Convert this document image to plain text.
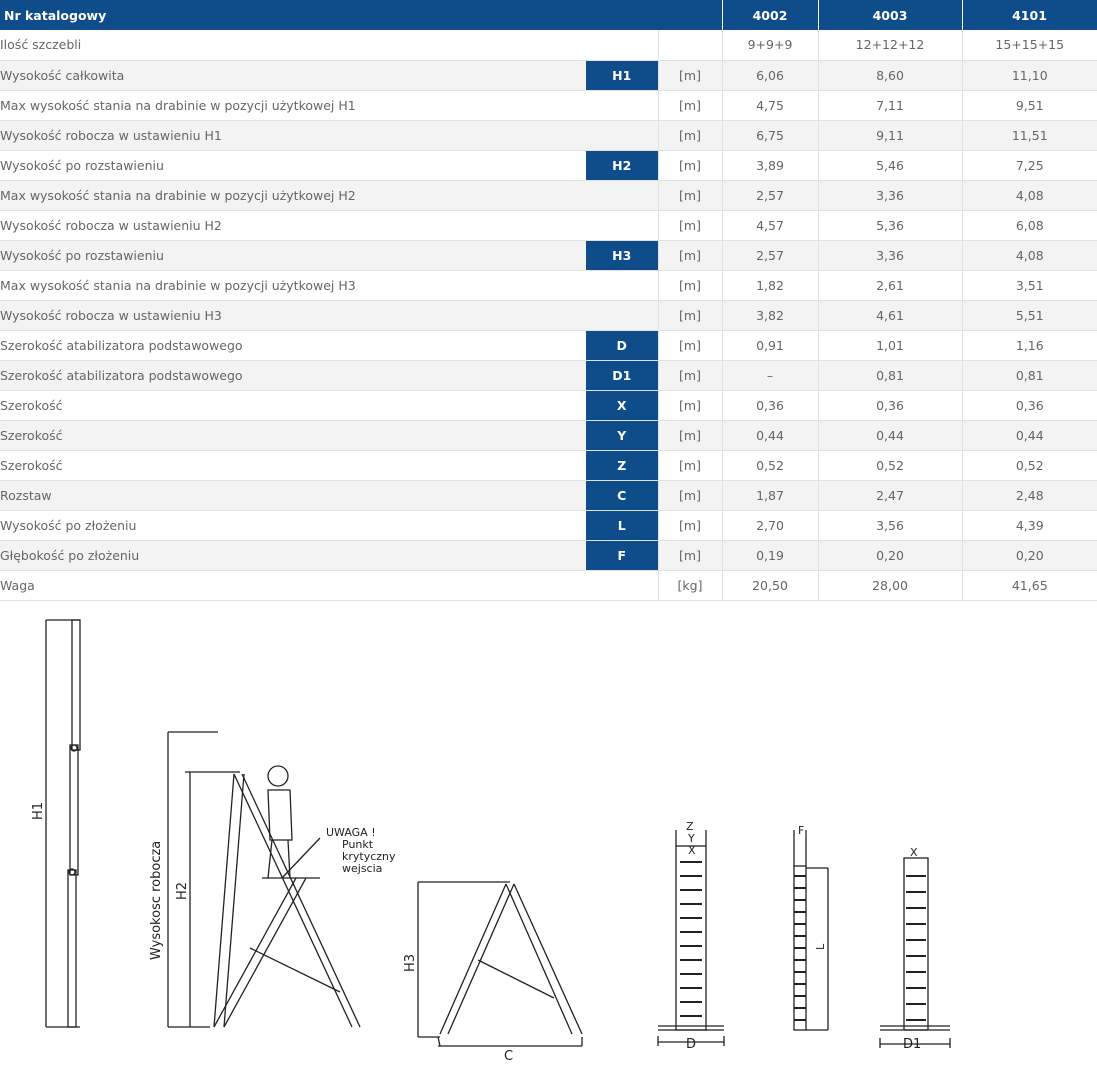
Nr katalogowy			4002	4003	4101
Ilość szczebli			9+9+9	12+12+12	15+15+15
Wysokość całkowita	H1	[m]	6,06	8,60	11,10
Max wysokość stania na drabinie w pozycji użytkowej H1		[m]	4,75	7,11	9,51
Wysokość robocza w ustawieniu H1		[m]	6,75	9,11	11,51
Wysokość po rozstawieniu	H2	[m]	3,89	5,46	7,25
Max wysokość stania na drabinie w pozycji użytkowej H2		[m]	2,57	3,36	4,08
Wysokość robocza w ustawieniu H2		[m]	4,57	5,36	6,08
Wysokość po rozstawieniu	H3	[m]	2,57	3,36	4,08
Max wysokość stania na drabinie w pozycji użytkowej H3		[m]	1,82	2,61	3,51
Wysokość robocza w ustawieniu H3		[m]	3,82	4,61	5,51
Szerokość atabilizatora podstawowego	D	[m]	0,91	1,01	1,16
Szerokość atabilizatora podstawowego	D1	[m]	–	0,81	0,81
Szerokość	X	[m]	0,36	0,36	0,36
Szerokość	Y	[m]	0,44	0,44	0,44
Szerokość	Z	[m]	0,52	0,52	0,52
Rozstaw	C	[m]	1,87	2,47	2,48
Wysokość po złożeniu	L	[m]	2,70	3,56	4,39
Głębokość po złożeniu	F	[m]	0,19	0,20	0,20
Waga		[kg]	20,50	28,00	41,65
H1
Wysokosc robocza H2
H3
C
D	D1
Z
Y
X
F
X
L
UWAGA !
Punkt
krytyczny
wejscia
